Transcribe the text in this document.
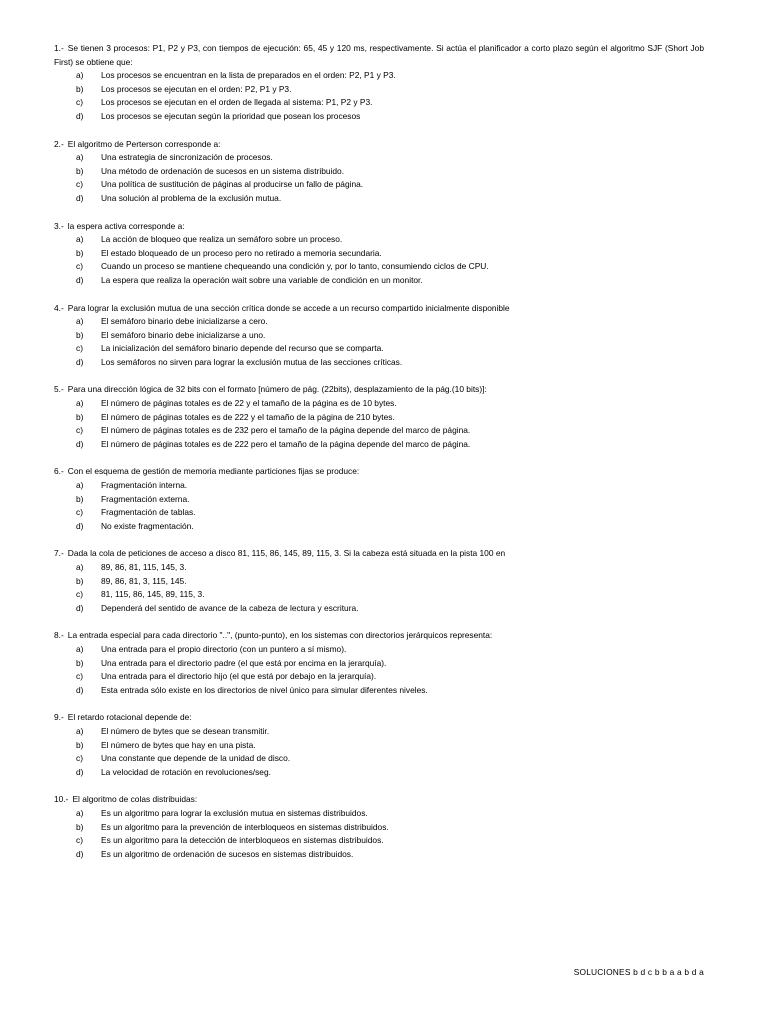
1.- Se tienen 3 procesos: P1, P2 y P3, con tiempos de ejecución: 65, 45 y 120 ms, respectivamente. Si actúa el planificador a corto plazo según el algoritmo SJF (Short Job First) se obtiene que:
a)	Los procesos se encuentran en la lista de preparados en el orden: P2, P1 y P3.
b)	Los procesos se ejecutan en el orden: P2, P1 y P3.
c)	Los procesos se ejecutan en el orden de llegada al sistema: P1, P2 y P3.
d)	Los procesos se ejecutan según la prioridad que posean los procesos
2.- El algoritmo de Perterson corresponde a:
a)	Una estrategia de sincronización de procesos.
b)	Una método de ordenación de sucesos en un sistema distribuido.
c)	Una política de sustitución de páginas al producirse un fallo de página.
d)	Una solución al problema de la exclusión mutua.
3.- la espera activa corresponde a:
a)	La acción de bloqueo que realiza un semáforo sobre un proceso.
b)	El estado bloqueado de un proceso pero no retirado a memoria secundaria.
c)	Cuando un proceso se mantiene chequeando una condición y, por lo tanto, consumiendo ciclos de CPU.
d)	La espera que realiza la operación wait sobre una variable de condición en un monitor.
4.- Para lograr la exclusión mutua de una sección crítica donde se accede a un recurso compartido inicialmente disponible
a)	El semáforo binario debe inicializarse a cero.
b)	El semáforo binario debe inicializarse a uno.
c)	La inicialización del semáforo binario depende del recurso que se comparta.
d)	Los semáforos no sirven para lograr la exclusión mutua de las secciones críticas.
5.- Para una dirección lógica de 32 bits con el formato [número de pág. (22bits), desplazamiento de la pág.(10 bits)]:
a)	El número de páginas totales es de 22 y el tamaño de la página es de 10 bytes.
b)	El número de páginas totales es de 222 y el tamaño de la página de 210 bytes.
c)	El número de páginas totales es de 232 pero el tamaño de la página depende del marco de página.
d)	El número de páginas totales es de 222 pero el tamaño de la página depende del marco de página.
6.- Con el esquema de gestión de memoria mediante particiones fijas se produce:
a)	Fragmentación interna.
b)	Fragmentación externa.
c)	Fragmentación de tablas.
d)	No existe fragmentación.
7.- Dada la cola de peticiones de acceso a disco 81, 115, 86, 145, 89, 115, 3. Si la cabeza está situada en la pista 100 en
a)	89, 86, 81, 115, 145, 3.
b)	89, 86, 81, 3, 115, 145.
c)	81, 115, 86, 145, 89, 115, 3.
d)	Dependerá del sentido de avance de la cabeza de lectura y escritura.
8.- La entrada especial para cada directorio "..", (punto-punto), en los sistemas con directorios jerárquicos representa:
a)	Una entrada para el propio directorio (con un puntero a sí mismo).
b)	Una entrada para el directorio padre (el que está por encima en la jerarquía).
c)	Una entrada para el directorio hijo (el que está por debajo en la jerarquía).
d)	Esta entrada sólo existe en los directorios de nivel único para simular diferentes niveles.
9.- El retardo rotacional depende de:
a)	El número de bytes que se desean transmitir.
b)	El número de bytes que hay en una pista.
c)	Una constante que depende de la unidad de disco.
d)	La velocidad de rotación en revoluciones/seg.
10.- El algoritmo de colas distribuidas:
a)	Es un algoritmo para lograr la exclusión mutua en sistemas distribuidos.
b)	Es un algoritmo para la prevención de interbloqueos en sistemas distribuidos.
c)	Es un algoritmo para la detección de interbloqueos en sistemas distribuidos.
d)	Es un algoritmo de ordenación de sucesos en sistemas distribuidos.
SOLUCIONES b d c b b a a b d a
